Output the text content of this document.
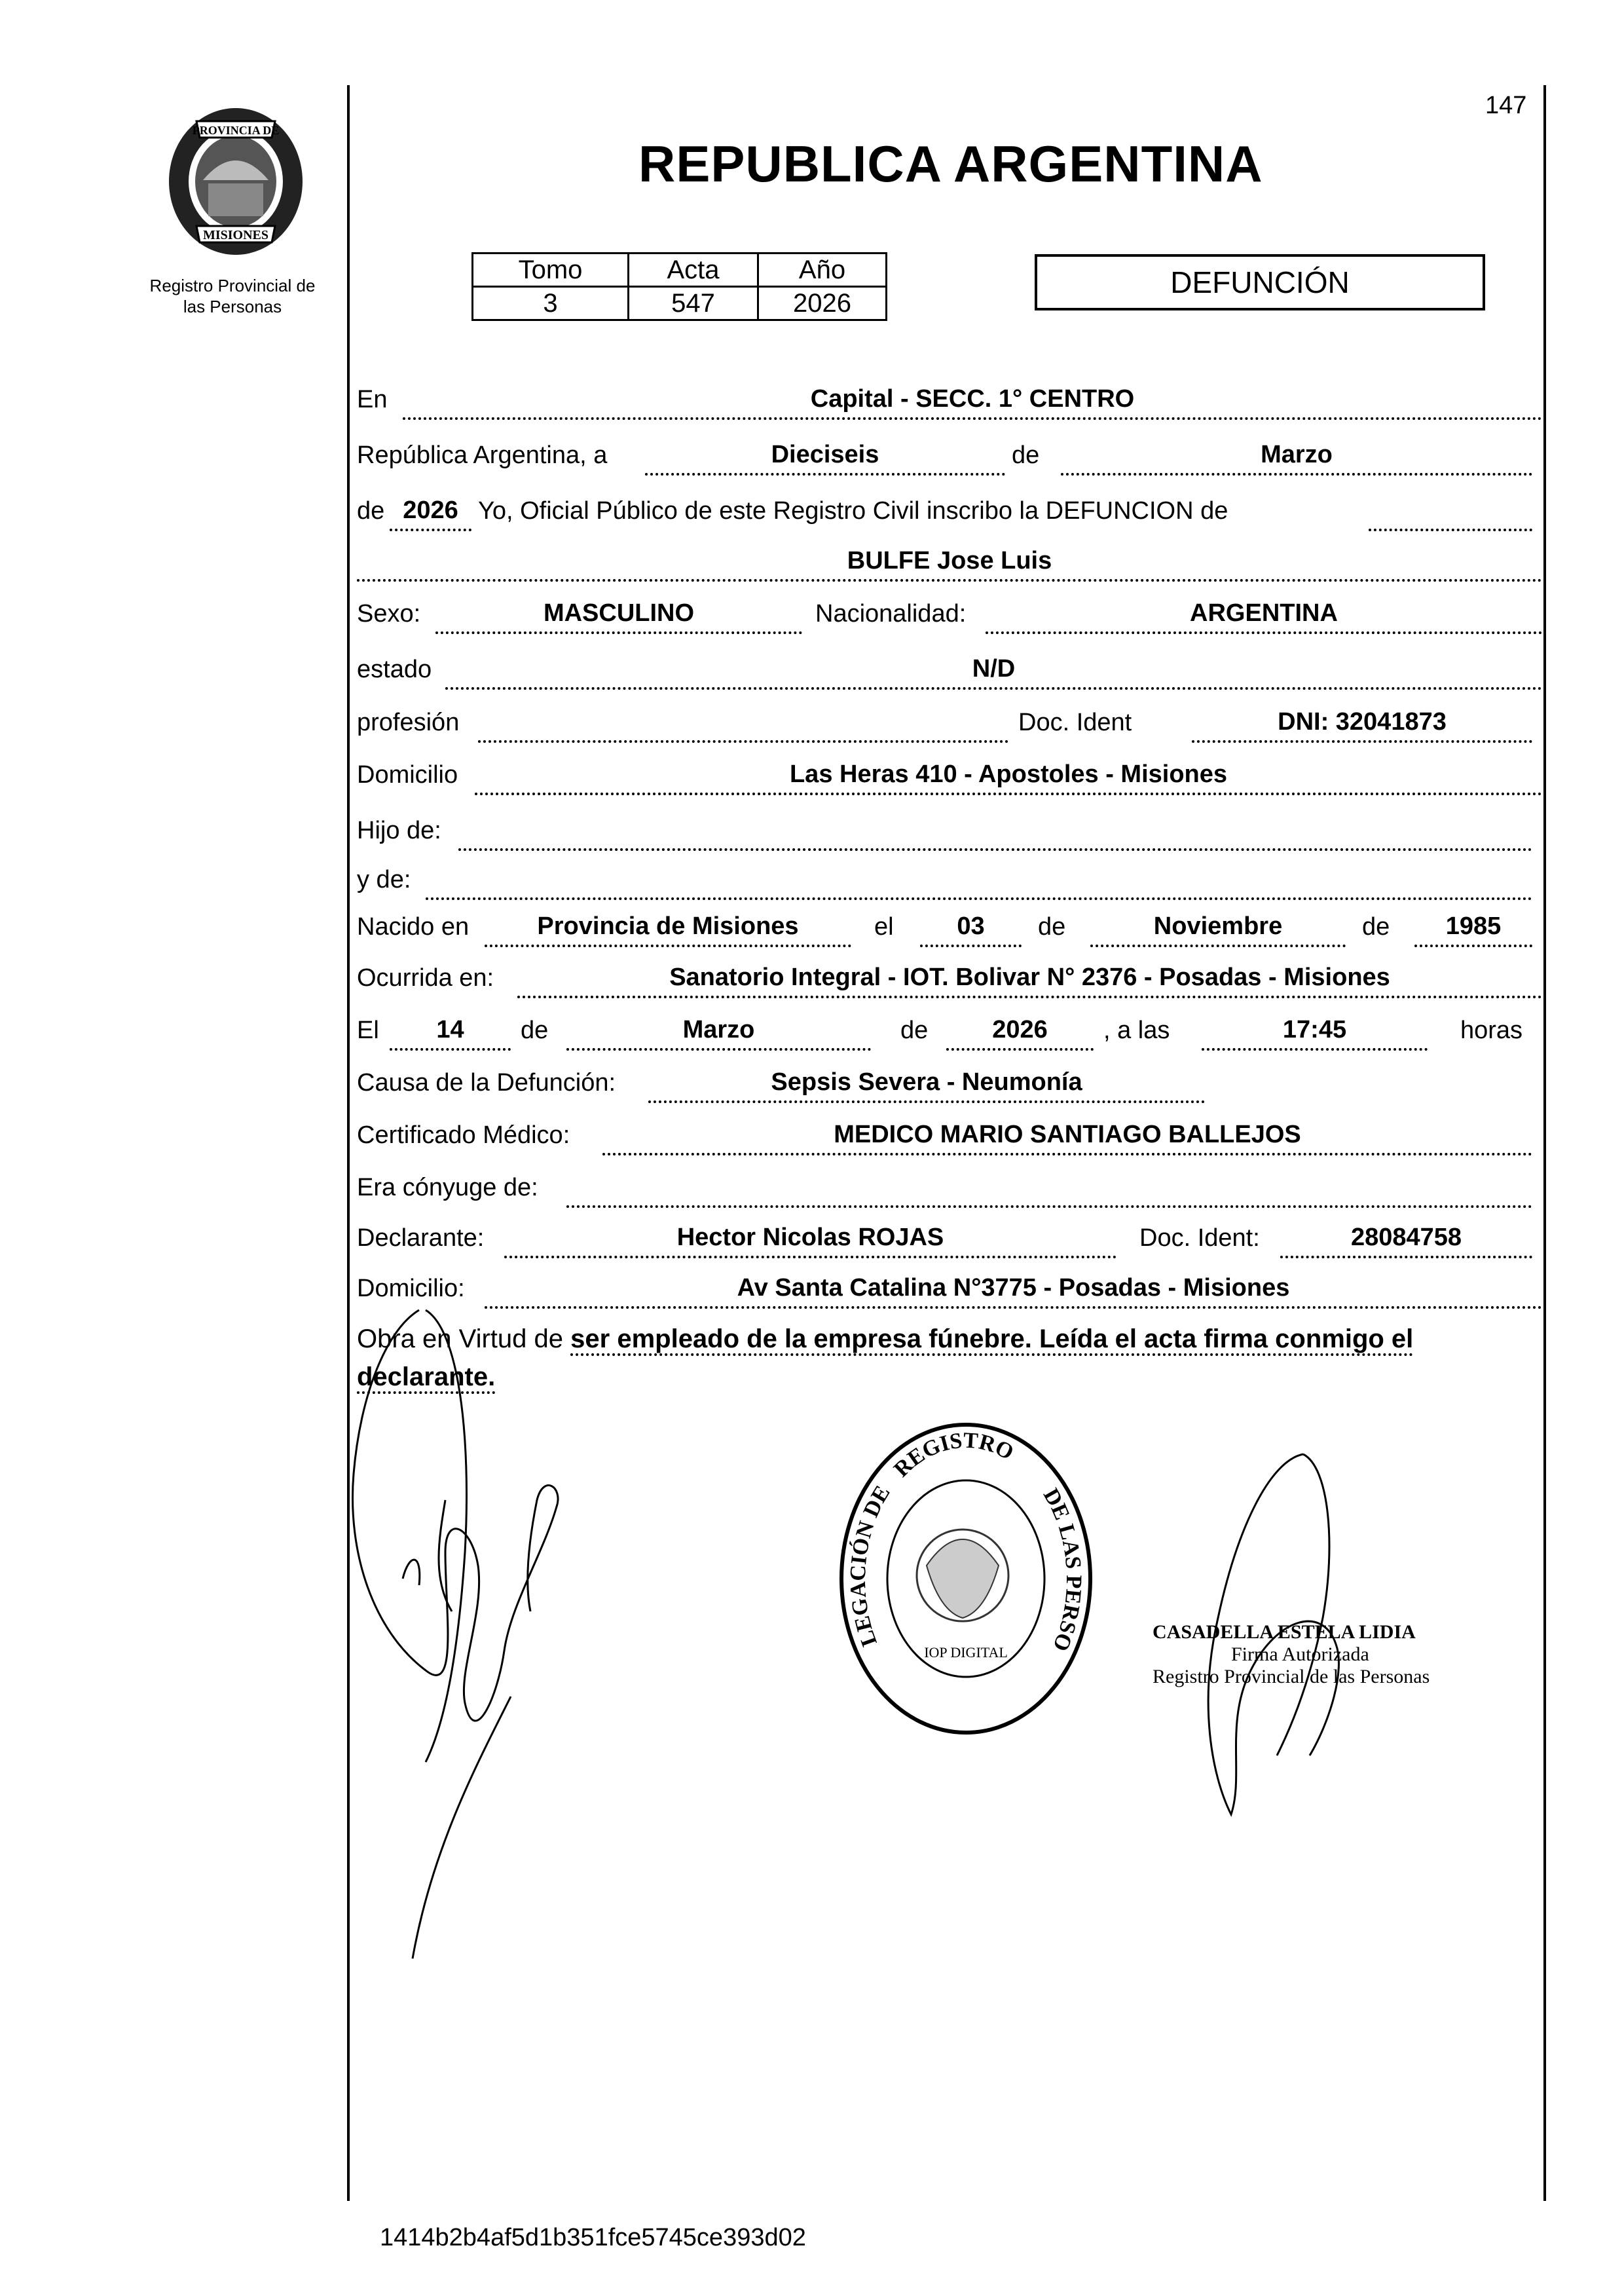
147
PROVINCIA DE
MISIONES
Registro Provincial de
las Personas
REPUBLICA ARGENTINA
Tomo	Acta	Año
3	547	2026
DEFUNCIÓN
En	Capital - SECC. 1° CENTRO
República Argentina, a	Dieciseis	de	Marzo
de 2026 Yo, Oficial Público de este Registro Civil inscribo la DEFUNCION de
BULFE Jose Luis
Sexo:	MASCULINO	Nacionalidad:	ARGENTINA
estado	N/D
profesión	Doc. Ident	DNI: 32041873
Domicilio	Las Heras 410 - Apostoles - Misiones
Hijo de:
y de:
Nacido en	Provincia de Misiones	el	03	de	Noviembre	de	1985
Ocurrida en:	Sanatorio Integral - IOT. Bolivar N° 2376 - Posadas - Misiones
El	14	de	Marzo	de	2026	, a las	17:45	horas
Causa de la Defunción:	Sepsis Severa - Neumonía
Certificado Médico:	MEDICO MARIO SANTIAGO BALLEJOS
Era cónyuge de:
Declarante:	Hector Nicolas ROJAS	Doc. Ident:	28084758
Domicilio:	Av Santa Catalina N°3775 - Posadas - Misiones
Obra en Virtud de ser empleado de la empresa fúnebre. Leída el acta firma conmigo el declarante.
REGISTRO
LEGACIÓN DE	DE LAS PERSO
IOP DIGITAL
CASADELLA ESTELA LIDIA
Firma Autorizada
Registro Provincial de las Personas
1414b2b4af5d1b351fce5745ce393d02
